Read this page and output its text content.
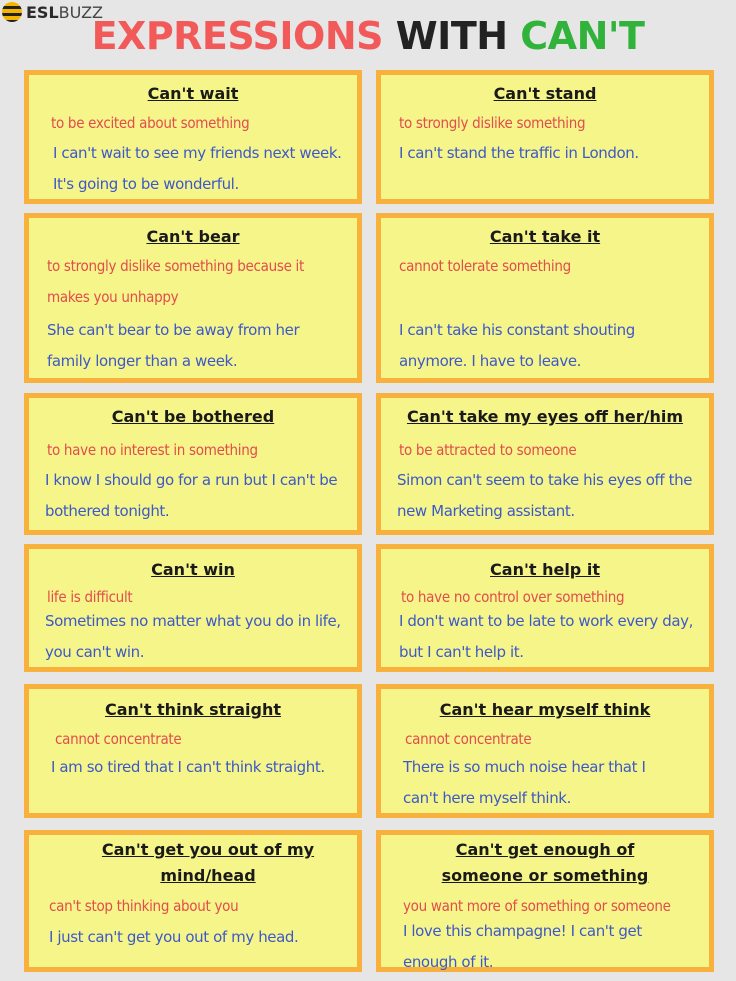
ESLBUZZ
EXPRESSIONS WITH CAN'T
Can't wait
to be excited about something
I can't wait to see my friends next week. It's going to be wonderful.
Can't stand
to strongly dislike something
I can't stand the traffic in London.
Can't bear
to strongly dislike something because it makes you unhappy
She can't bear to be away from her family longer than a week.
Can't take it
cannot tolerate something
I can't take his constant shouting anymore. I have to leave.
Can't be bothered
to have no interest in something
I know I should go for a run but I can't be bothered tonight.
Can't take my eyes off her/him
to be attracted to someone
Simon can't seem to take his eyes off the new Marketing assistant.
Can't win
life is difficult
Sometimes no matter what you do in life, you can't win.
Can't help it
to have no control over something
I don't want to be late to work every day, but I can't help it.
Can't think straight
cannot concentrate
I am so tired that I can't think straight.
Can't hear myself think
cannot concentrate
There is so much noise hear that I can't here myself think.
Can't get you out of my mind/head
can't stop thinking about you
I just can't get you out of my head.
Can't get enough of someone or something
you want more of something or someone
I love this champagne! I can't get enough of it.
